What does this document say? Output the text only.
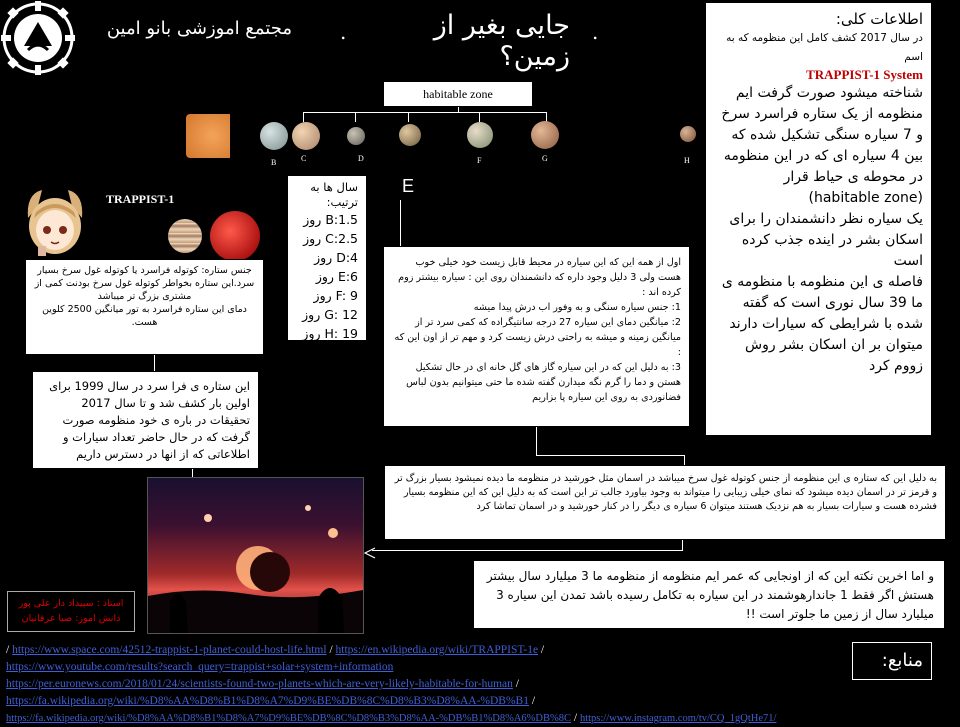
مجتمع اموزشی بانو امین .	جایی بغیر از زمین؟
.

اطلاعات کلی:

در سال 2017 کشف کامل این منظومه که به اسم

TRAPPIST-1 System

شناخته میشود صورت گرفت ایم منظومه از یک ستاره فراسرد سرخ و 7 سیاره سنگی تشکیل شده که بین 4 سیاره ای که در این منظومه در محوطه ی حیاط قرار (habitable zone)

یک سیاره نظر دانشمندان را برای اسکان بشر در اینده جذب کرده است

فاصله ی این منظومه با منظومه ی ما 39 سال نوری است که گفته شده با شرایطی که سیارات دارند میتوان بر ان اسکان بشر روش زووم کرد

habitable zone
B	C	D	F	G	H
E
TRAPPIST-1

جنس ستاره: کوتوله فراسرد یا کوتوله غول سرخ بسیار سرد.این ستاره بخواطر کوتوله غول سرخ بودنت کمی از مشتری بزرگ تر میباشد

دمای این ستاره فراسرد به تور میانگین 2500 کلوین هست.

این ستاره ی فرا سرد در سال 1999 برای اولین بار کشف شد و تا سال 2017 تحقیقات در باره ی خود منظومه صورت گرفت که در حال حاضر تعداد سیارات و اطلاعاتی که از انها در دسترس داریم

سال ها به ترتیب:

B:1.5 روز

C:2.5 روز

D:4 روز

E:6 روز

F: 9 روز

G: 12 روز

H: 19 روز

اول از همه این که این سیاره در محیط قابل زیست خود خیلی خوب هست ولی 3 دلیل وجود داره که دانشمندان روی این : سیاره بیشتر زوم کرده اند :

1: جنس سیاره سنگی و به وفور اب درش پیدا میشه

2: میانگین دمای این سیاره 27 درجه سانتیگراده که کمی سرد تر از میانگین زمینه و میشه به راحتی درش زیست کرد و مهم تر از اون این که :

3: به دلیل این که در این سیاره گاز های گل خانه ای در حال تشکیل هستن و دما را گرم نگه میدارن گفته شده ما حتی میتوانیم بدون لباس فضانوردی به روی این سیاره پا بزاریم

به دلیل این که ستاره ی این منظومه از جنس کوتوله غول سرخ میباشد در اسمان مثل خورشید در منظومه ما دیده نمیشود بسیار بزرگ تر و قرمز تر در اسمان دیده میشود که نمای خیلی زیبایی را میتواند به وجود بیاورد جالب تر این است که به دلیل این که این منظومه بسیار فشرده هست و سیارات بسیار به هم نزدیک هستند میتوان 6 سیاره ی دیگر را در کنار خورشید و در اسمان تماشا کرد

و اما اخرین نکته این که از اونجایی که عمر ایم منظومه از منظومه ما 3 میلیارد سال بیشتر هستش اگر فقط 1 جاندارهوشمند در این سیاره به تکامل رسیده باشد تمدن این سیاره 3 میلیارد سال از زمین ما جلوتر است !!

استاد : سپیداد دار علی پور

دانش اموز: صبا عرفانیان

منابع:
/ https://www.space.com/42512-trappist-1-planet-could-host-life.html / https://en.wikipedia.org/wiki/TRAPPIST-1e /
https://www.youtube.com/results?search_query=trappist+solar+system+information
https://per.euronews.com/2018/01/24/scientists-found-two-planets-which-are-very-likely-habitable-for-human /
https://fa.wikipedia.org/wiki/%D8%AA%D8%B1%D8%A7%D9%BE%DB%8C%D8%B3%D8%AA-%DB%B1 /
https://fa.wikipedia.org/wiki/%D8%AA%D8%B1%D8%A7%D9%BE%DB%8C%D8%B3%D8%AA-%DB%B1%D8%A6%DB%8C / https://www.instagram.com/tv/CQ_1gQtHe71/
